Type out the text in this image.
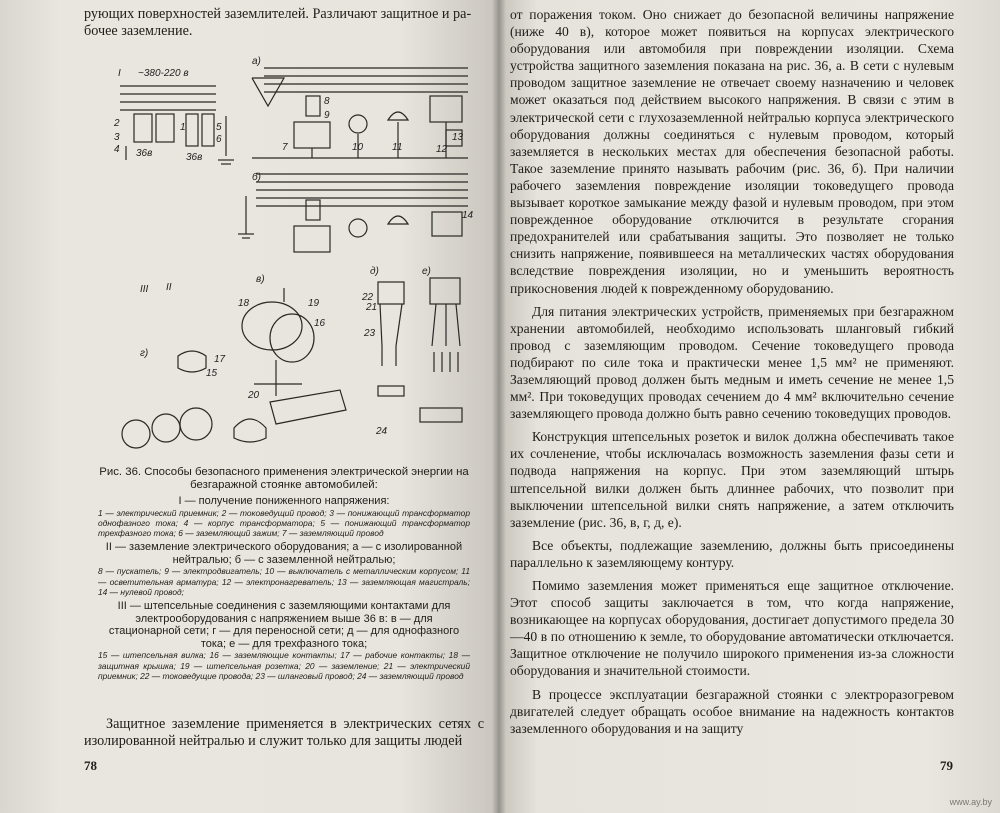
рующих поверхностей заземлителей. Различают защитное и ра-

бочее заземление.

I ~380-220 в
36в	36в
а)
б)
II
III
г)
в)
д)	е)
2
3
1	5
6
4	7
8
9
10	11	12
13
14
15
16
17
18	19
20
21
22
23
24

Рис. 36. Способы безопасного применения электрической энергии на безгаражной стоянке автомобилей:

I — получение пониженного напряжения:

1 — электрический приемник; 2 — токоведущий провод; 3 — понижающий трансформатор однофазного тока; 4 — корпус трансформатора; 5 — понижающий трансформатор трехфазного тока; 6 — заземляющий зажим; 7 — заземляющий провод

II — заземление электрического оборудования; а — с изолированной нейтралью; б — с заземленной нейтралью;

8 — пускатель; 9 — электродвигатель; 10 — выключатель с металлическим корпусом; 11 — осветительная арматура; 12 — электронагреватель; 13 — заземляющая магистраль; 14 — нулевой провод;

III — штепсельные соединения с заземляющими контактами для электрооборудования с напряжением выше 36 в: в — для стационарной сети; г — для переносной сети; д — для однофазного тока; е — для трехфазного тока;

15 — штепсельная вилка; 16 — заземляющие контакты; 17 — рабочие контакты; 18 — защитная крышка; 19 — штепсельная розетка; 20 — заземление; 21 — электрический приемник; 22 — токоведущие провода; 23 — шланговый провод; 24 — заземляющий провод

Защитное заземление применяется в электрических сетях с изолированной нейтралью и служит только для защиты людей

78

от поражения током. Оно снижает до безопасной величины напряжение (ниже 40 в), которое может появиться на корпусах электрического оборудования или автомобиля при повреждении изоляции. Схема устройства защитного заземления показана на рис. 36, а. В сети с нулевым проводом защитное заземление не отвечает своему назначению и человек может оказаться под действием высокого напряжения. В связи с этим в электрической сети с глухозаземленной нейтралью корпуса электрического оборудования должны соединяться с нулевым проводом, который заземляется в нескольких местах для обеспечения безопасной работы. Такое заземление принято называть рабочим (рис. 36, б). При наличии рабочего заземления повреждение изоляции токоведущего провода вызывает короткое замыкание между фазой и нулевым проводом, при этом поврежденное оборудование отключится в результате сгорания предохранителей или срабатывания защиты. Это позволяет не только снизить напряжение, появившееся на металлических частях оборудования вследствие повреждения изоляции, но и уменьшить вероятность прикосновения людей к поврежденному оборудованию.

Для питания электрических устройств, применяемых при безгаражном хранении автомобилей, необходимо использовать шланговый гибкий провод с заземляющим проводом. Сечение токоведущего провода подбирают по силе тока и практически менее 1,5 мм² не применяют. Заземляющий провод должен быть медным и иметь сечение не менее 1,5 мм². При токоведущих проводах сечением до 4 мм² включительно сечение заземляющего провода должно быть равно сечению токоведущих проводов.

Конструкция штепсельных розеток и вилок должна обеспечивать такое их сочленение, чтобы исключалась возможность заземления фазы сети и подвода напряжения на корпус. При этом заземляющий штырь штепсельной вилки должен быть длиннее рабочих, что позволит при выключении штепсельной вилки снять напряжение, а затем отключить заземление (рис. 36, в, г, д, е).

Все объекты, подлежащие заземлению, должны быть присоединены параллельно к заземляющему контуру.

Помимо заземления может применяться еще защитное отключение. Этот способ защиты заключается в том, что когда напряжение, возникающее на корпусах оборудования, достигает допустимого предела 30—40 в по отношению к земле, то оборудование автоматически отключается. Защитное отключение не получило широкого применения из-за сложности оборудования и значительной стоимости.

В процессе эксплуатации безгаражной стоянки с электроразогревом двигателей следует обращать особое внимание на надежность контактов заземленного оборудования и на защиту

79
www.ay.by
